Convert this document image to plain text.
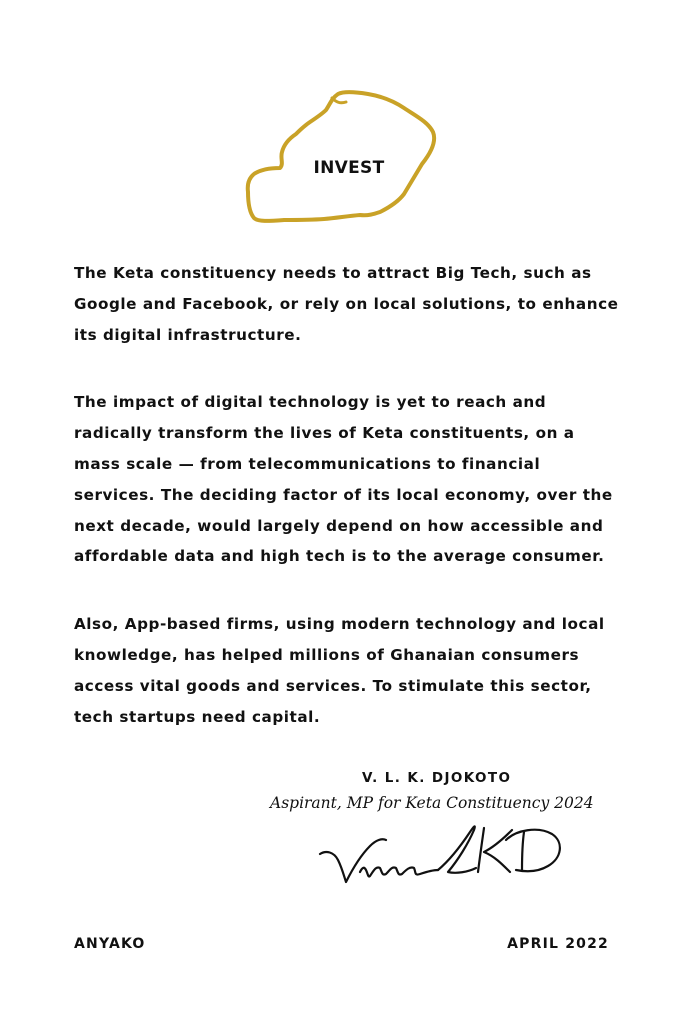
INVEST

The Keta constituency needs to attract Big Tech, such as Google and Facebook, or rely on local solutions, to enhance its digital infrastructure.

The impact of digital technology is yet to reach and radically transform the lives of Keta constituents, on a mass scale — from telecommunications to financial services. The deciding factor of its local economy, over the next decade, would largely depend on how accessible and affordable data and high tech is to the average consumer.

Also, App-based firms, using modern technology and local knowledge, has helped millions of Ghanaian consumers access vital goods and services. To stimulate this sector, tech startups need capital.

V. L. K. DJOKOTO
Aspirant, MP for Keta Constituency 2024
ANYAKO	APRIL 2022
